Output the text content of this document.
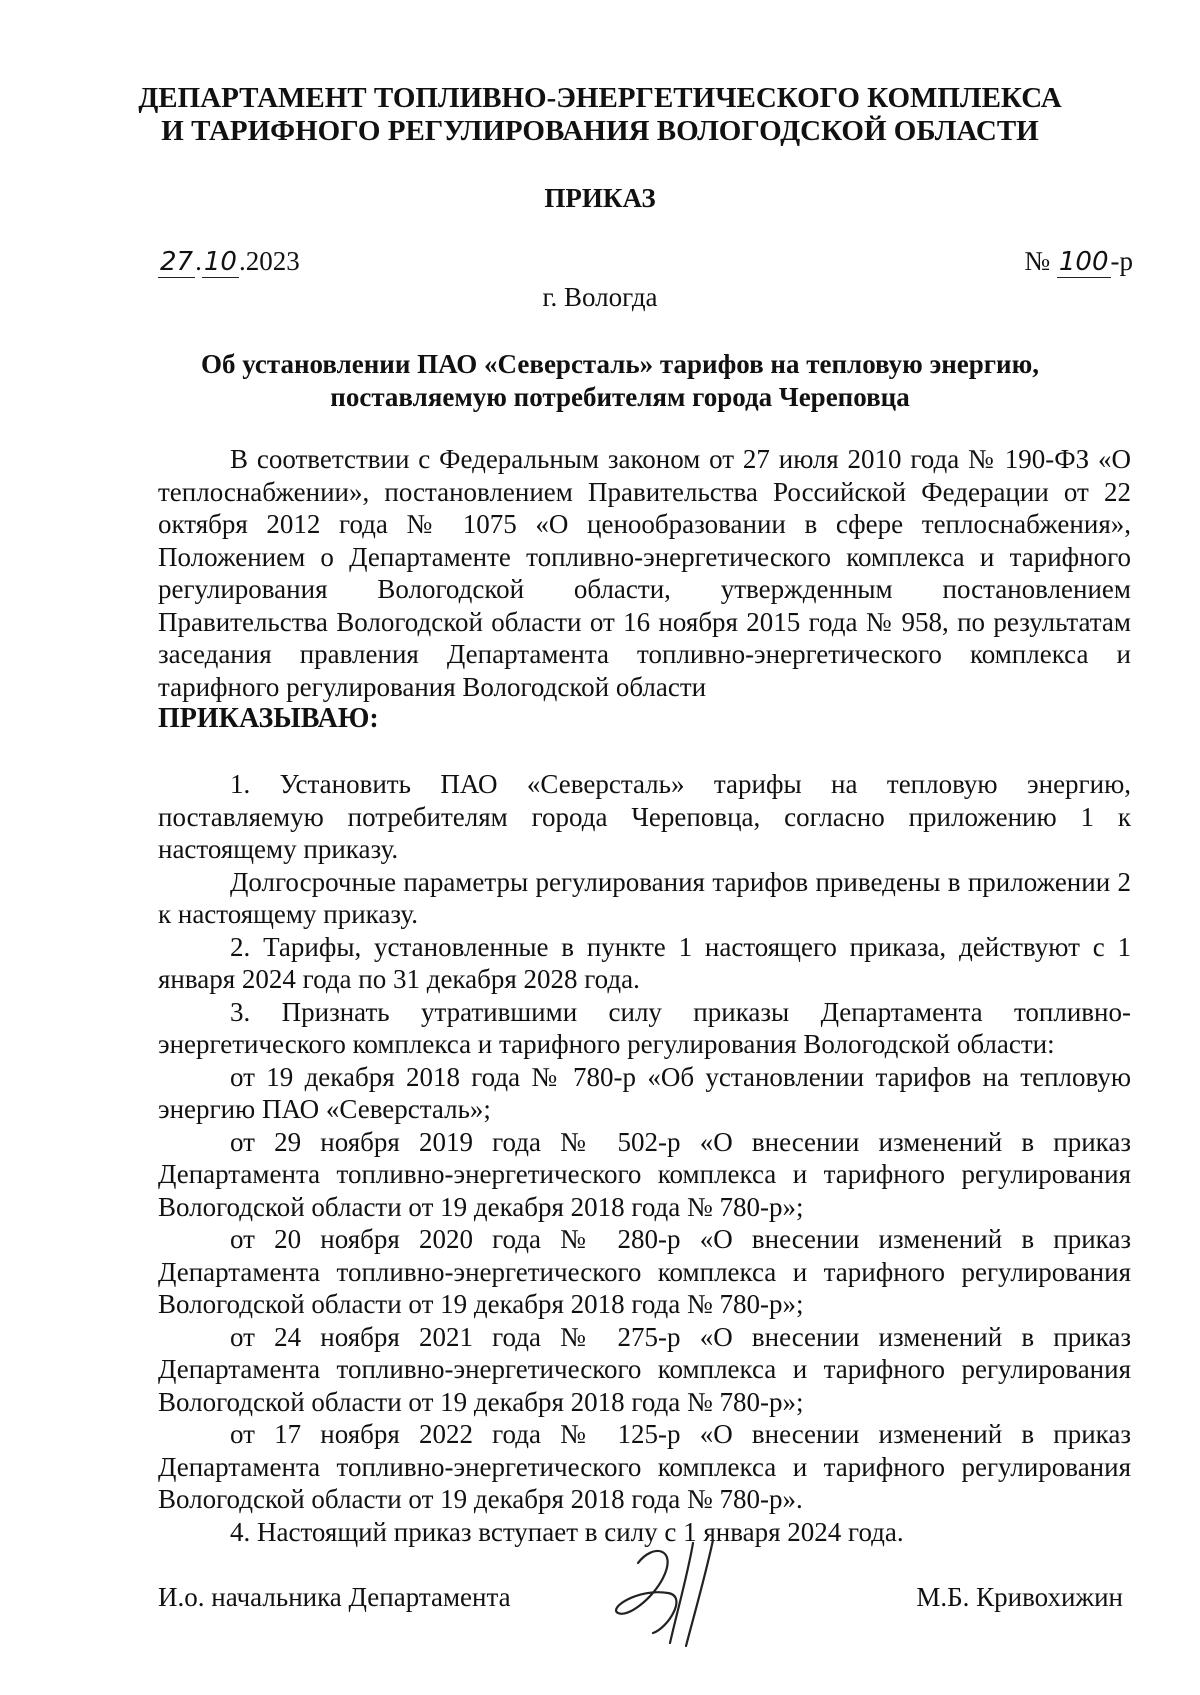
ДЕПАРТАМЕНТ ТОПЛИВНО-ЭНЕРГЕТИЧЕСКОГО КОМПЛЕКСА
И ТАРИФНОГО РЕГУЛИРОВАНИЯ ВОЛОГОДСКОЙ ОБЛАСТИ
ПРИКАЗ
27.10.2023	№ 100-р
г. Вологда
Об установлении ПАО «Северсталь» тарифов на тепловую энергию,
поставляемую потребителям города Череповца

В соответствии с Федеральным законом от 27 июля 2010 года № 190-ФЗ «О теплоснабжении», постановлением Правительства Российской Федерации от 22 октября 2012 года № 1075 «О ценообразовании в сфере теплоснабжения», Положением о Департаменте топливно-энергетического комплекса и тарифного регулирования Вологодской области, утвержденным постановлением Правительства Вологодской области от 16 ноября 2015 года № 958, по результатам заседания правления Департамента топливно-энергетического комплекса и тарифного регулирования Вологодской области

ПРИКАЗЫВАЮ:

1. Установить ПАО «Северсталь» тарифы на тепловую энергию, поставляемую потребителям города Череповца, согласно приложению 1 к настоящему приказу.

Долгосрочные параметры регулирования тарифов приведены в приложении 2 к настоящему приказу.

2. Тарифы, установленные в пункте 1 настоящего приказа, действуют с 1 января 2024 года по 31 декабря 2028 года.

3. Признать утратившими силу приказы Департамента топливно-энергетического комплекса и тарифного регулирования Вологодской области:

от 19 декабря 2018 года № 780-р «Об установлении тарифов на тепловую энергию ПАО «Северсталь»;

от 29 ноября 2019 года № 502-р «О внесении изменений в приказ Департамента топливно-энергетического комплекса и тарифного регулирования Вологодской области от 19 декабря 2018 года № 780-р»;

от 20 ноября 2020 года № 280-р «О внесении изменений в приказ Департамента топливно-энергетического комплекса и тарифного регулирования Вологодской области от 19 декабря 2018 года № 780-р»;

от 24 ноября 2021 года № 275-р «О внесении изменений в приказ Департамента топливно-энергетического комплекса и тарифного регулирования Вологодской области от 19 декабря 2018 года № 780-р»;

от 17 ноября 2022 года № 125-р «О внесении изменений в приказ Департамента топливно-энергетического комплекса и тарифного регулирования Вологодской области от 19 декабря 2018 года № 780-р».

4. Настоящий приказ вступает в силу с 1 января 2024 года.

И.о. начальника Департамента	М.Б. Кривохижин
